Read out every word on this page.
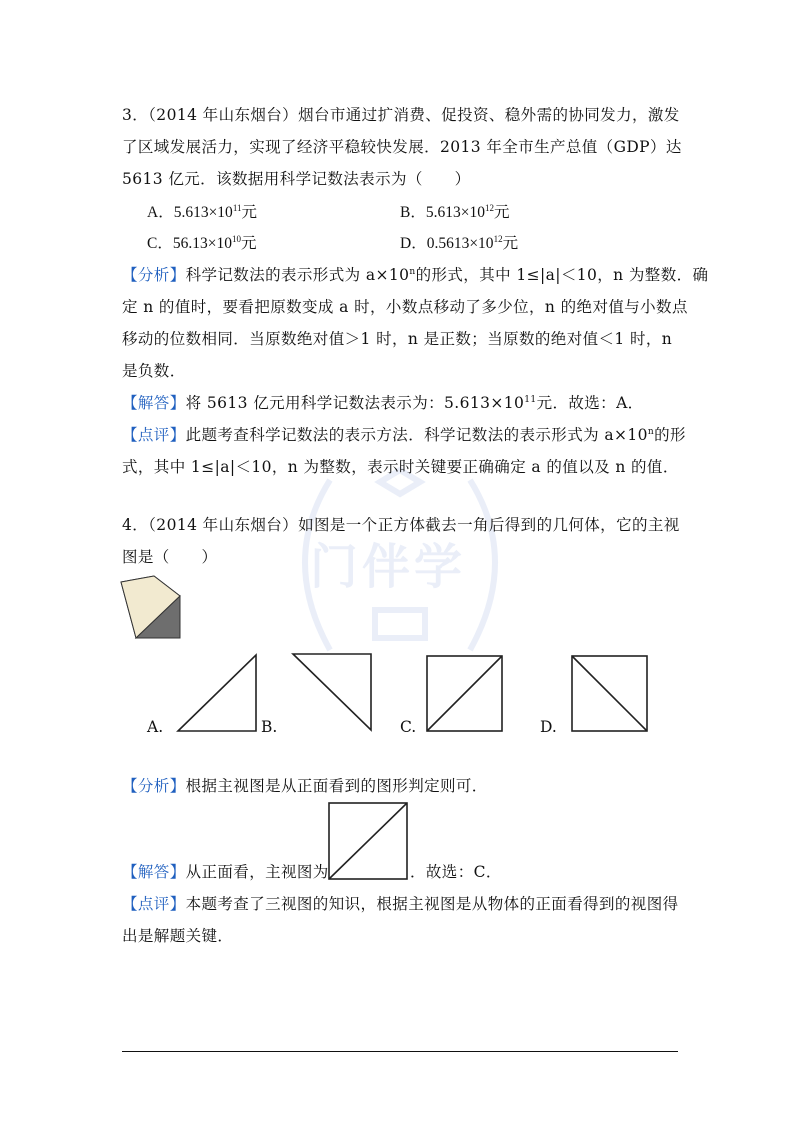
门伴学
3．（2014 年山东烟台）烟台市通过扩消费、促投资、稳外需的协同发力，激发
了区域发展活力，实现了经济平稳较快发展．2013 年全市生产总值（GDP）达
5613 亿元．该数据用科学记数法表示为（　　）
A．$5.613\times 10^{11}$元	B．$5.613\times 10^{12}$元
C．$56.13\times 10^{10}$元	D．$0.5613\times 10^{12}$元
【分析】科学记数法的表示形式为 $a\times 10^n$的形式，其中 1≤|a|＜10，n 为整数．确
定 n 的值时，要看把原数变成 a 时，小数点移动了多少位，n 的绝对值与小数点
移动的位数相同．当原数绝对值＞1 时，n 是正数；当原数的绝对值＜1 时，n
是负数．
【解答】将 5613 亿元用科学记数法表示为：$5.613\times 10^{11}$元．故选：A．
【点评】此题考查科学记数法的表示方法．科学记数法的表示形式为 $a\times 10^n$的形
式，其中 1≤|a|＜10，n 为整数，表示时关键要正确确定 a 的值以及 n 的值．
4．（2014 年山东烟台）如图是一个正方体截去一角后得到的几何体，它的主视
图是（　　）
A.	B.	C.	D.
【分析】根据主视图是从正面看到的图形判定则可．
【解答】从正面看，主视图为	．故选：C．
【点评】本题考查了三视图的知识，根据主视图是从物体的正面看得到的视图得
出是解题关键．
